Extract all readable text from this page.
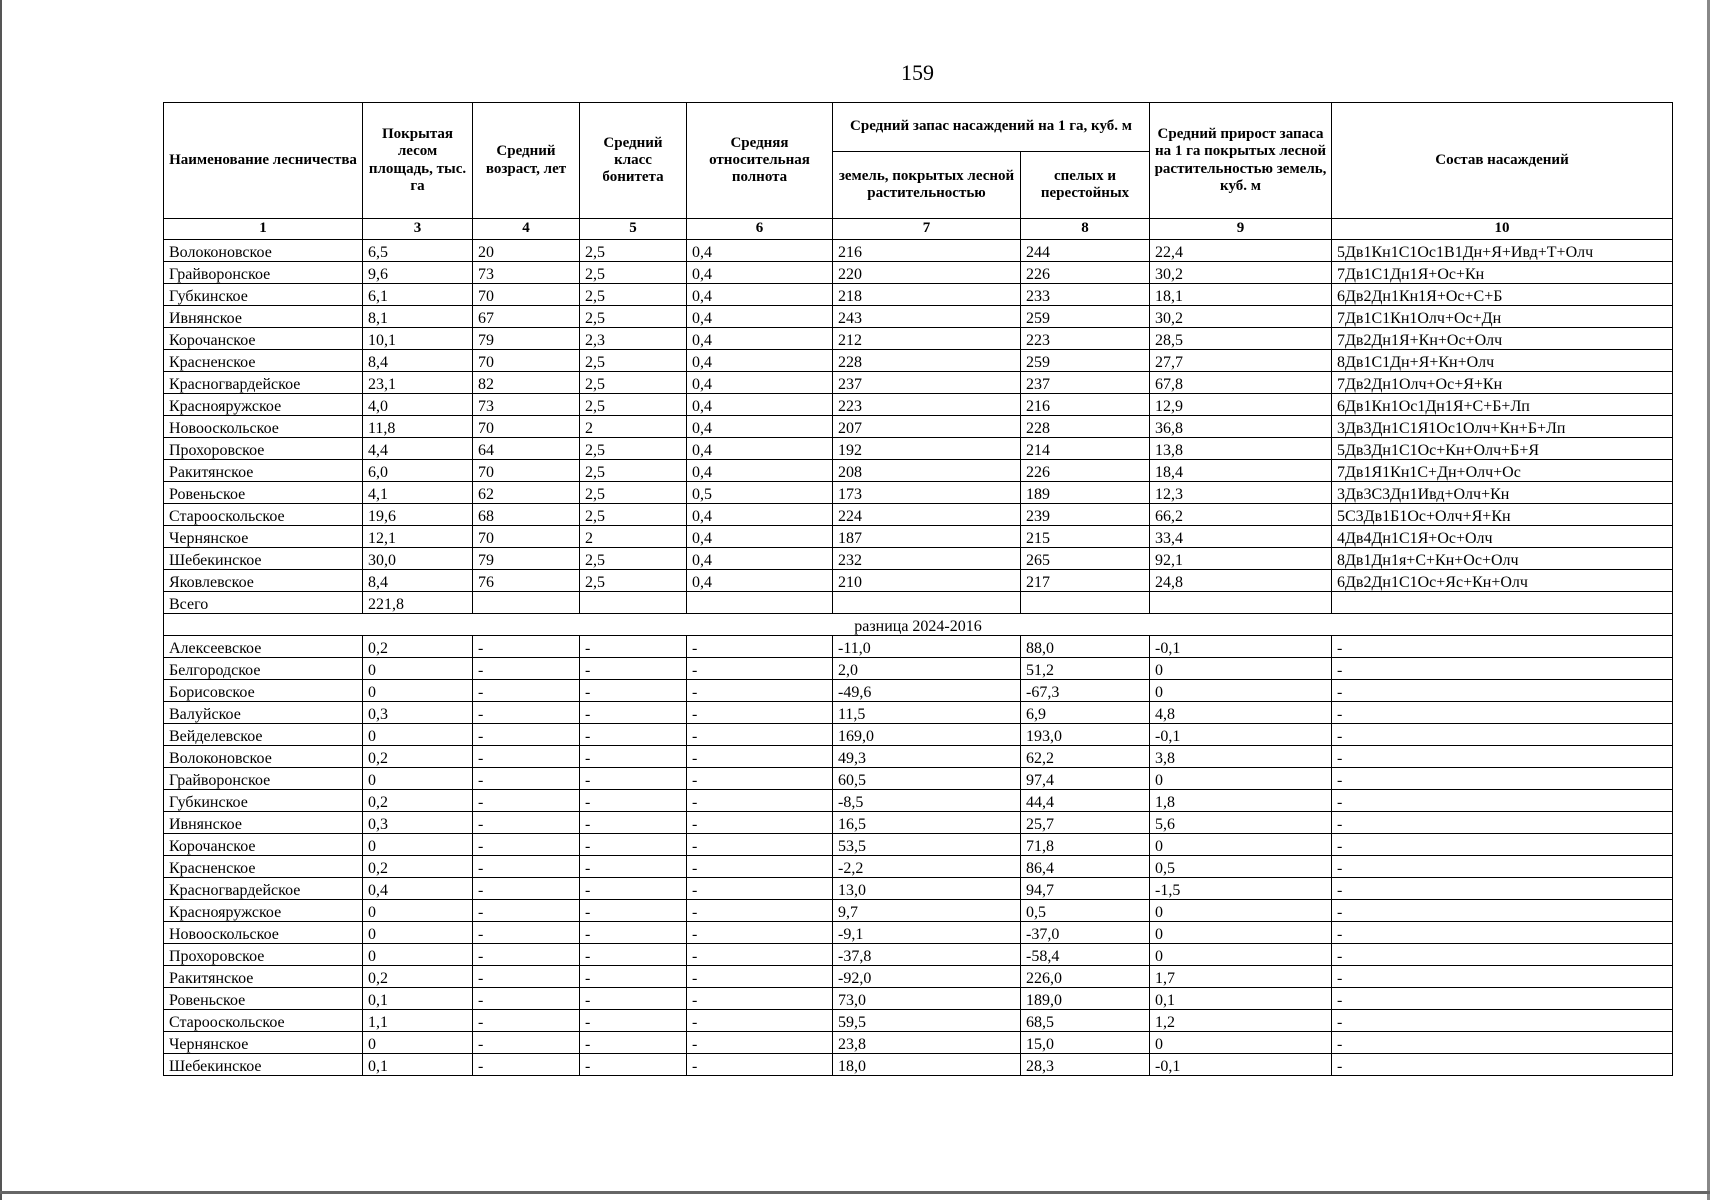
159
Наименование лесничества	Покрытая лесом площадь, тыс. га	Средний возраст, лет	Средний класс бонитета	Средняя относительная полнота	Средний запас насаждений на 1 га, куб. м		Средний прирост запаса на 1 га покрытых лесной растительностью земель, куб. м	Состав насаждений
					земель, покрытых лесной растительностью	спелых и перестойных		
1	3	4	5	6	7	8	9	10
Волоконовское	6,5	20	2,5	0,4	216	244	22,4	5Дв1Кн1С1Ос1В1Дн+Я+Ивд+Т+Олч
Грайворонское	9,6	73	2,5	0,4	220	226	30,2	7Дв1С1Дн1Я+Ос+Кн
Губкинское	6,1	70	2,5	0,4	218	233	18,1	6Дв2Дн1Кн1Я+Ос+С+Б
Ивнянское	8,1	67	2,5	0,4	243	259	30,2	7Дв1С1Кн1Олч+Ос+Дн
Корочанское	10,1	79	2,3	0,4	212	223	28,5	7Дв2Дн1Я+Кн+Ос+Олч
Красненское	8,4	70	2,5	0,4	228	259	27,7	8Дв1С1Дн+Я+Кн+Олч
Красногвардейское	23,1	82	2,5	0,4	237	237	67,8	7Дв2Дн1Олч+Ос+Я+Кн
Краснояружское	4,0	73	2,5	0,4	223	216	12,9	6Дв1Кн1Ос1Дн1Я+С+Б+Лп
Новооскольское	11,8	70	2	0,4	207	228	36,8	3Дв3Дн1С1Я1Ос1Олч+Кн+Б+Лп
Прохоровское	4,4	64	2,5	0,4	192	214	13,8	5Дв3Дн1С1Ос+Кн+Олч+Б+Я
Ракитянское	6,0	70	2,5	0,4	208	226	18,4	7Дв1Я1Кн1С+Дн+Олч+Ос
Ровеньское	4,1	62	2,5	0,5	173	189	12,3	3Дв3С3Дн1Ивд+Олч+Кн
Старооскольское	19,6	68	2,5	0,4	224	239	66,2	5С3Дв1Б1Ос+Олч+Я+Кн
Чернянское	12,1	70	2	0,4	187	215	33,4	4Дв4Дн1С1Я+Ос+Олч
Шебекинское	30,0	79	2,5	0,4	232	265	92,1	8Дв1Дн1я+С+Кн+Ос+Олч
Яковлевское	8,4	76	2,5	0,4	210	217	24,8	6Дв2Дн1С1Ос+Яс+Кн+Олч
Всего	221,8							
разница 2024-2016								
Алексеевское	0,2	-	-	-	-11,0	88,0	-0,1	-
Белгородское	0	-	-	-	2,0	51,2	0	-
Борисовское	0	-	-	-	-49,6	-67,3	0	-
Валуйское	0,3	-	-	-	11,5	6,9	4,8	-
Вейделевское	0	-	-	-	169,0	193,0	-0,1	-
Волоконовское	0,2	-	-	-	49,3	62,2	3,8	-
Грайворонское	0	-	-	-	60,5	97,4	0	-
Губкинское	0,2	-	-	-	-8,5	44,4	1,8	-
Ивнянское	0,3	-	-	-	16,5	25,7	5,6	-
Корочанское	0	-	-	-	53,5	71,8	0	-
Красненское	0,2	-	-	-	-2,2	86,4	0,5	-
Красногвардейское	0,4	-	-	-	13,0	94,7	-1,5	-
Краснояружское	0	-	-	-	9,7	0,5	0	-
Новооскольское	0	-	-	-	-9,1	-37,0	0	-
Прохоровское	0	-	-	-	-37,8	-58,4	0	-
Ракитянское	0,2	-	-	-	-92,0	226,0	1,7	-
Ровеньское	0,1	-	-	-	73,0	189,0	0,1	-
Старооскольское	1,1	-	-	-	59,5	68,5	1,2	-
Чернянское	0	-	-	-	23,8	15,0	0	-
Шебекинское	0,1	-	-	-	18,0	28,3	-0,1	-
